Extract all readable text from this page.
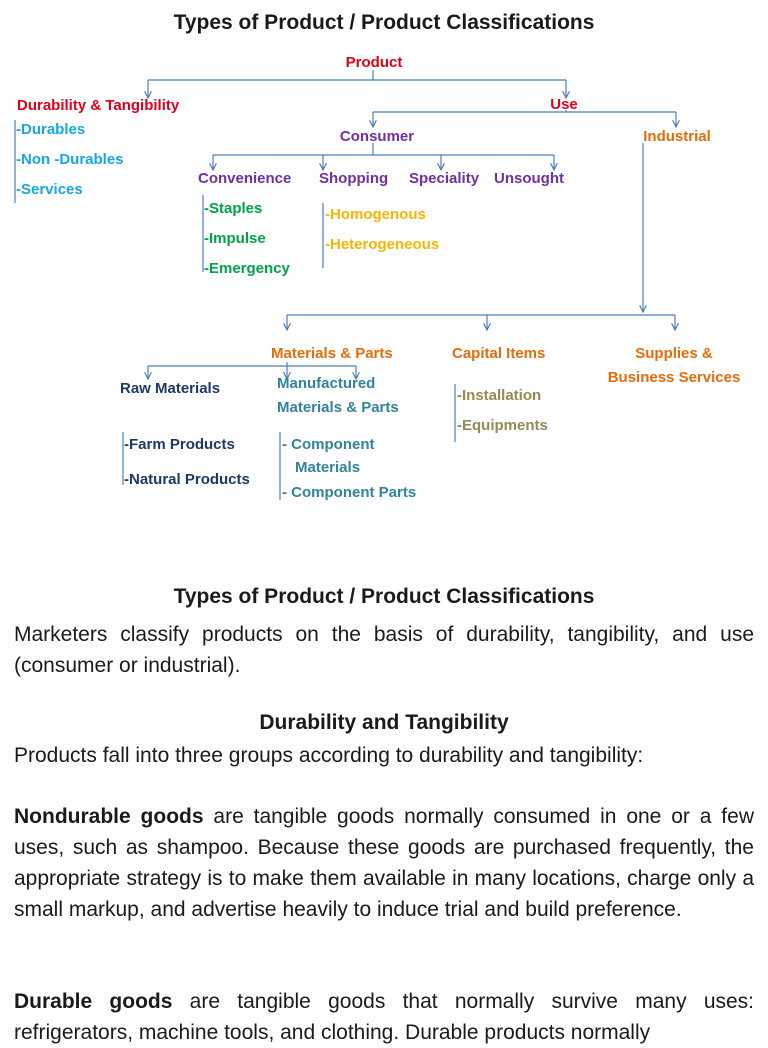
Types of Product / Product Classifications
Product
Durability & Tangibility
-Durables
-Non -Durables
-Services
Use
Consumer	Industrial
Convenience Shopping Speciality Unsought
-Staples
-Impulse
-Emergency
-Homogenous
-Heterogeneous
Materials & Parts	Capital Items	Supplies &
Business Services
Raw Materials
-Farm Products
-Natural Products
Manufactured
Materials & Parts
- Component
Materials
- Component Parts
-Installation
-Equipments
Types of Product / Product Classifications

Marketers classify products on the basis of durability, tangibility, and use (consumer or industrial).

Durability and Tangibility

Products fall into three groups according to durability and tangibility:

Nondurable goods are tangible goods normally consumed in one or a few uses, such as shampoo. Because these goods are purchased frequently, the appropriate strategy is to make them available in many locations, charge only a small markup, and advertise heavily to induce trial and build preference.

Durable goods are tangible goods that normally survive many uses: refrigerators, machine tools, and clothing. Durable products normally
